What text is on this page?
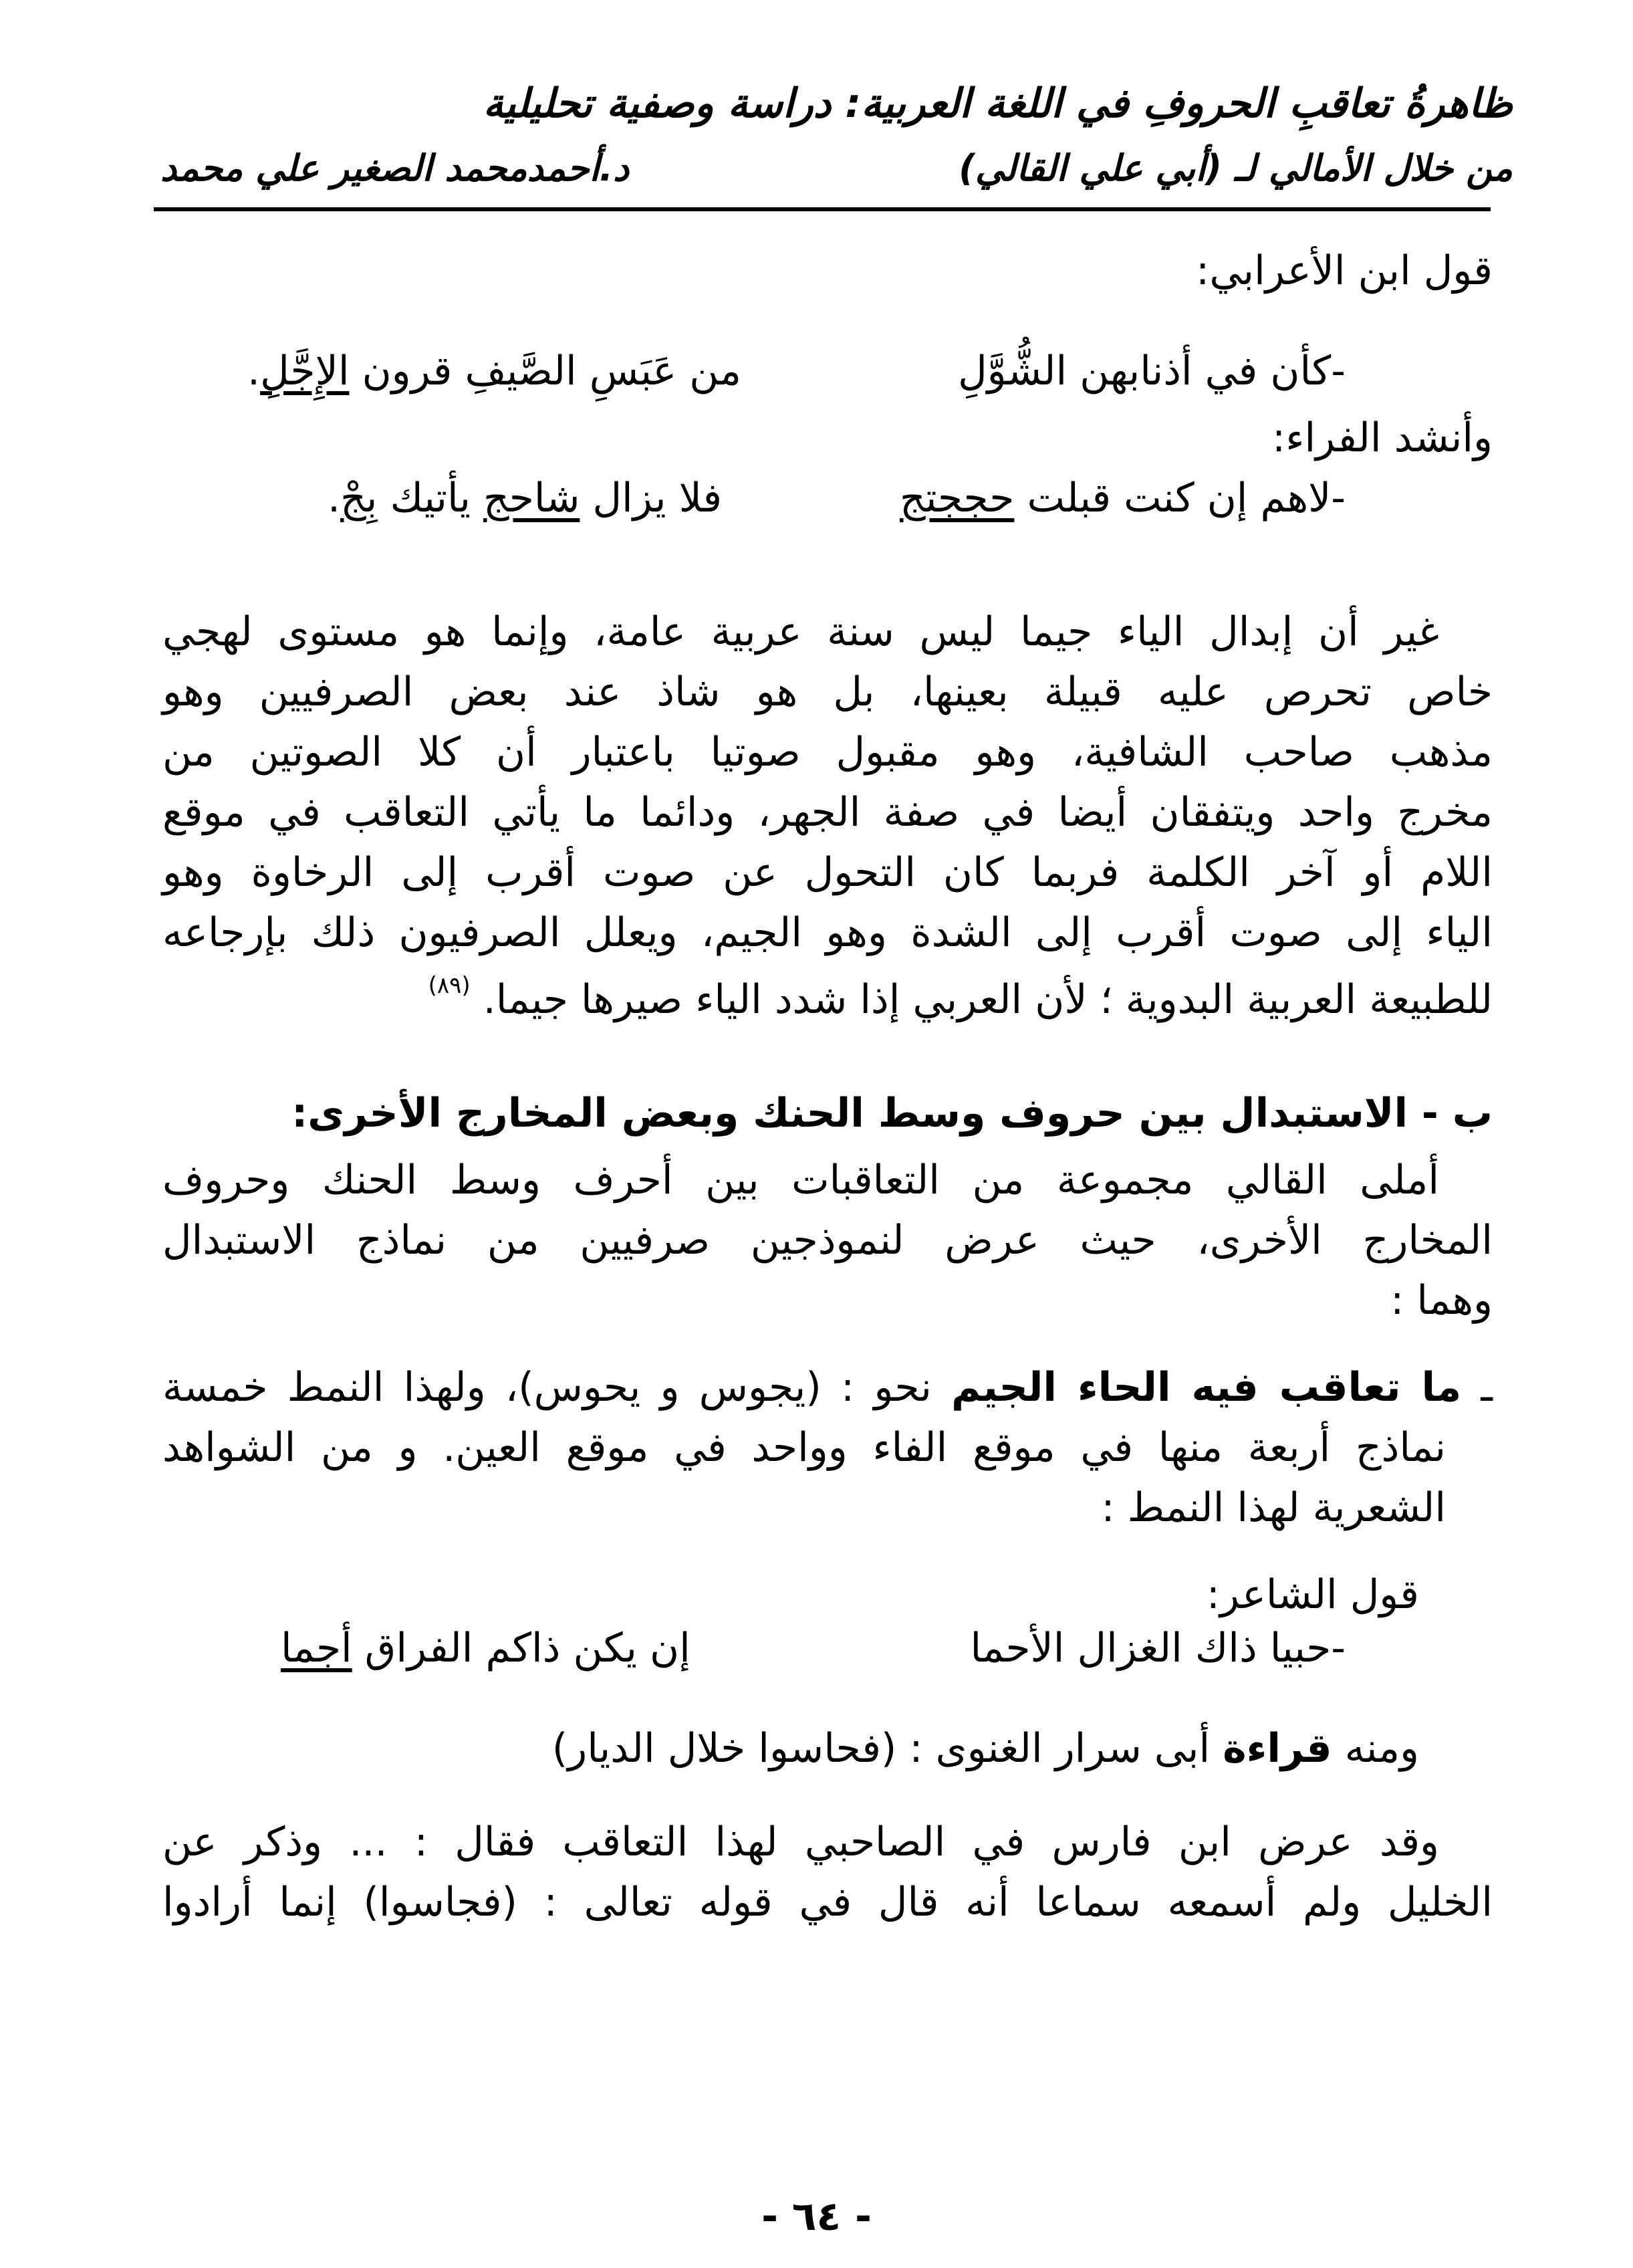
ظاهرةُ تعاقبِ الحروفِ في اللغة العربية: دراسة وصفية تحليلية
من خلال الأمالي لـ (أبي علي القالي)
د.أحمدمحمد الصغير علي محمد
قول ابن الأعرابي:
-كأن في أذنابهن الشُّوَّلِ
من عَبَسِ الصَّيفِ قرون الإِجَّلِ.
وأنشد الفراء:
-لاهم إن كنت قبلت حججتج
فلا يزال شاحج يأتيك بِجْ.
غير أن إبدال الياء جيما ليس سنة عربية عامة، وإنما هو مستوى لهجي
خاص تحرص عليه قبيلة بعينها، بل هو شاذ عند بعض الصرفيين وهو
مذهب صاحب الشافية، وهو مقبول صوتيا باعتبار أن كلا الصوتين من
مخرج واحد ويتفقان أيضا في صفة الجهر، ودائما ما يأتي التعاقب في موقع
اللام أو آخر الكلمة فربما كان التحول عن صوت أقرب إلى الرخاوة وهو
الياء إلى صوت أقرب إلى الشدة وهو الجيم، ويعلل الصرفيون ذلك بإرجاعه
للطبيعة العربية البدوية ؛ لأن العربي إذا شدد الياء صيرها جيما. $^{(٨٩)}$
ب - الاستبدال بين حروف وسط الحنك وبعض المخارج الأخرى:
أملى القالي مجموعة من التعاقبات بين أحرف وسط الحنك وحروف
المخارج الأخرى، حيث عرض لنموذجين صرفيين من نماذج الاستبدال
وهما :
ـ ما تعاقب فيه الحاء الجيم نحو : (يجوس و يحوس)، ولهذا النمط خمسة
نماذج أربعة منها في موقع الفاء وواحد في موقع العين. و من الشواهد
الشعرية لهذا النمط :
قول الشاعر:
-حبيا ذاك الغزال الأحما
إن يكن ذاكم الفراق أجما
ومنه قراءة أبى سرار الغنوى : (فحاسوا خلال الديار)
وقد عرض ابن فارس في الصاحبي لهذا التعاقب فقال : ... وذكر عن
الخليل ولم أسمعه سماعا أنه قال في قوله تعالى : (فجاسوا) إنما أرادوا
- ٦٤ -
